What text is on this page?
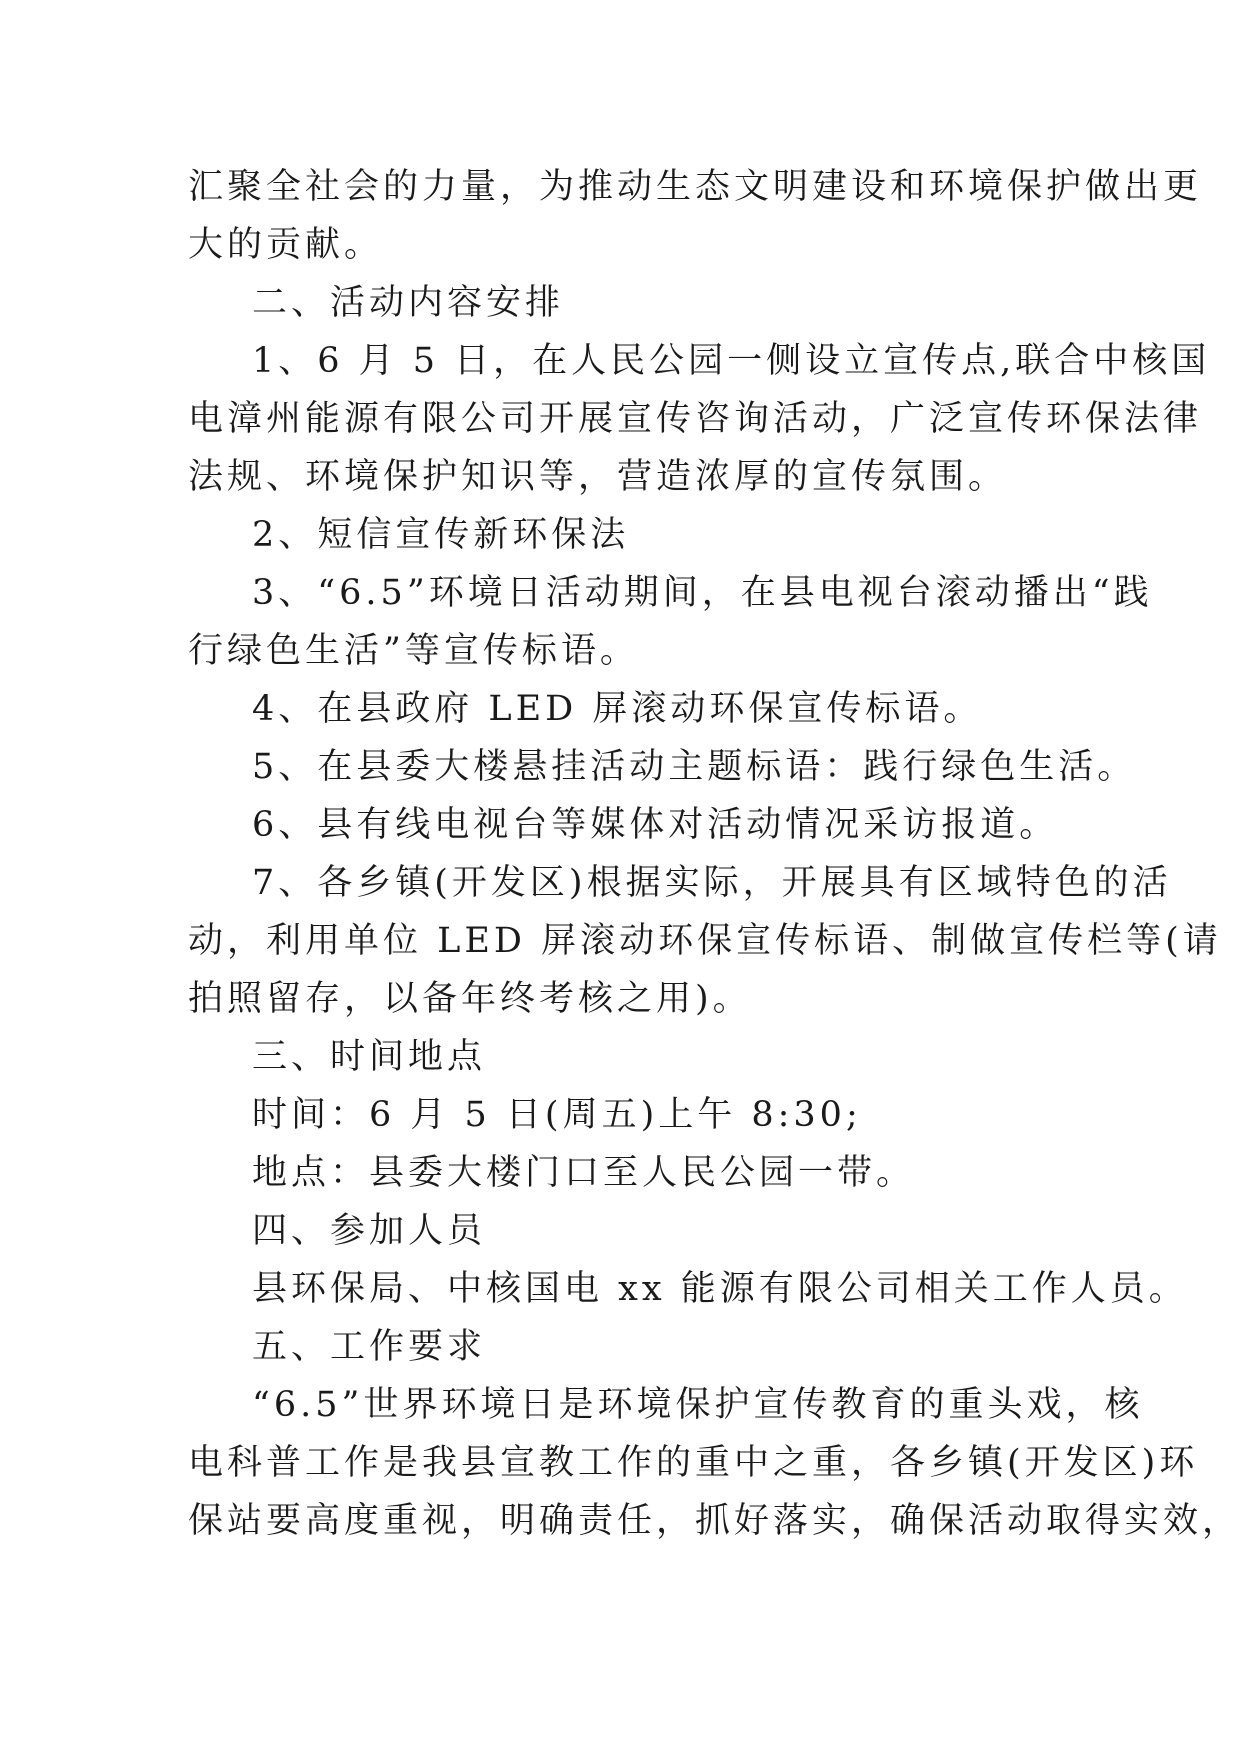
汇聚全社会的力量，为推动生态文明建设和环境保护做出更
大的贡献。
二、活动内容安排
1、6 月 5 日，在人民公园一侧设立宣传点,联合中核国
电漳州能源有限公司开展宣传咨询活动，广泛宣传环保法律
法规、环境保护知识等，营造浓厚的宣传氛围。
2、短信宣传新环保法
3、“6.5”环境日活动期间，在县电视台滚动播出“践
行绿色生活”等宣传标语。
4、在县政府 LED 屏滚动环保宣传标语。
5、在县委大楼悬挂活动主题标语：践行绿色生活。
6、县有线电视台等媒体对活动情况采访报道。
7、各乡镇(开发区)根据实际，开展具有区域特色的活
动，利用单位 LED 屏滚动环保宣传标语、制做宣传栏等(请
拍照留存，以备年终考核之用)。
三、时间地点
时间：6 月 5 日(周五)上午 8:30;
地点：县委大楼门口至人民公园一带。
四、参加人员
县环保局、中核国电 xx 能源有限公司相关工作人员。
五、工作要求
“6.5”世界环境日是环境保护宣传教育的重头戏，核
电科普工作是我县宣教工作的重中之重，各乡镇(开发区)环
保站要高度重视，明确责任，抓好落实，确保活动取得实效，
